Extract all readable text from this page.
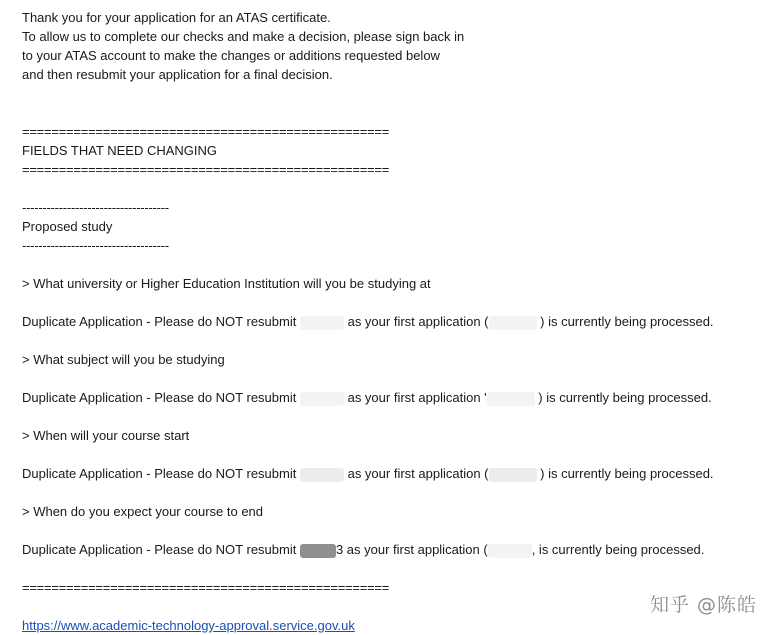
Thank you for your application for an ATAS certificate.
To allow us to complete our checks and make a decision, please sign back in
to your ATAS account to make the changes or additions requested below
and then resubmit your application for a final decision.
==================================================
FIELDS THAT NEED CHANGING
==================================================
------------------------------------
Proposed study
------------------------------------
> What university or Higher Education Institution will you be studying at
Duplicate Application - Please do NOT resubmit	as your first application (	) is currently being processed.
> What subject will you be studying
Duplicate Application - Please do NOT resubmit	as your first application '	) is currently being processed.
> When will your course start
Duplicate Application - Please do NOT resubmit	as your first application (	) is currently being processed.
> When do you expect your course to end
Duplicate Application - Please do NOT resubmit	3 as your first application (	, is currently being processed.
==================================================
https://www.academic-technology-approval.service.gov.uk
知乎 @陈皓
